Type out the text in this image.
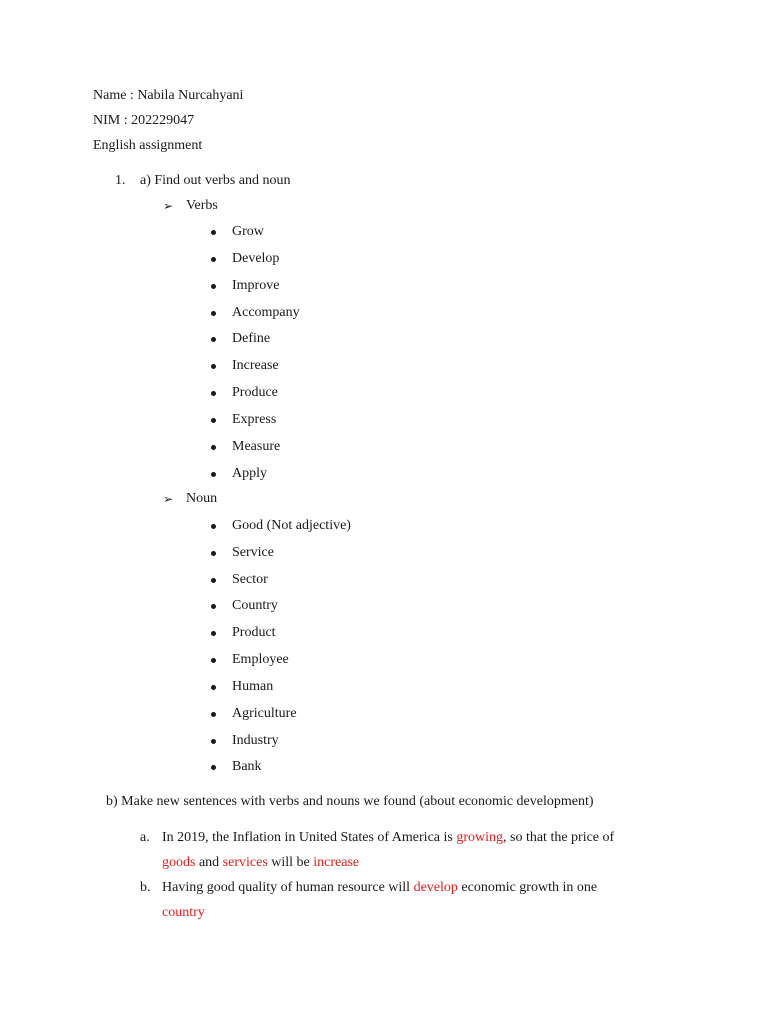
Name : Nabila Nurcahyani
NIM : 202229047
English assignment
1. a) Find out verbs and noun
➢ Verbs
Grow
Develop
Improve
Accompany
Define
Increase
Produce
Express
Measure
Apply
➢ Noun
Good (Not adjective)
Service
Sector
Country
Product
Employee
Human
Agriculture
Industry
Bank
b) Make new sentences with verbs and nouns we found (about economic development)
a. In 2019, the Inflation in United States of America is growing, so that the price of
goods and services will be increase
b. Having good quality of human resource will develop economic growth in one
country
